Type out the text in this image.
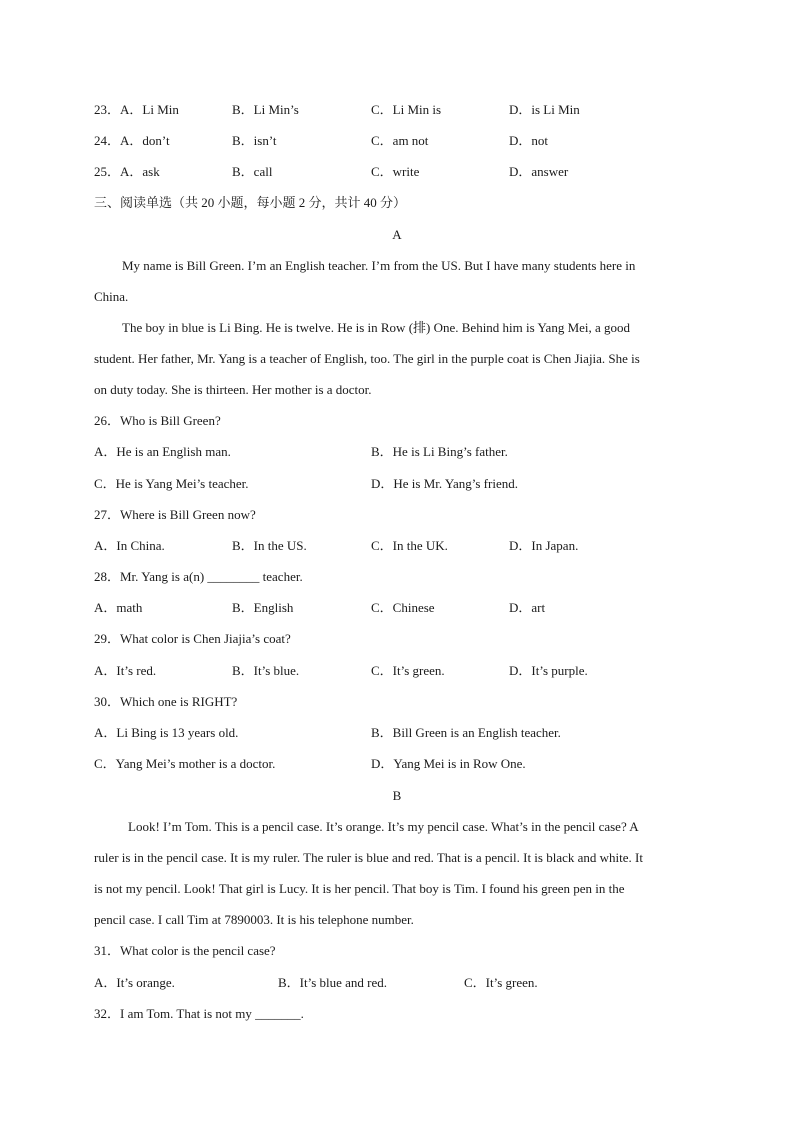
23．A．Li Min	B．Li Min’s	C．Li Min is	D．is Li Min
24．A．don’t	B．isn’t	C．am not	D．not
25．A．ask	B．call	C．write	D．answer
三、阅读单选（共 20 小题，每小题 2 分，共计 40 分）
A
My name is Bill Green. I’m an English teacher. I’m from the US. But I have many students here in
China.
The boy in blue is Li Bing. He is twelve. He is in Row (排) One. Behind him is Yang Mei, a good
student. Her father, Mr. Yang is a teacher of English, too. The girl in the purple coat is Chen Jiajia. She is
on duty today. She is thirteen. Her mother is a doctor.
26．Who is Bill Green?
A．He is an English man.	B．He is Li Bing’s father.
C．He is Yang Mei’s teacher.	D．He is Mr. Yang’s friend.
27．Where is Bill Green now?
A．In China.	B．In the US.	C．In the UK.	D．In Japan.
28．Mr. Yang is a(n) ________ teacher.
A．math	B．English	C．Chinese	D．art
29．What color is Chen Jiajia’s coat?
A．It’s red.	B．It’s blue.	C．It’s green.	D．It’s purple.
30．Which one is RIGHT?
A．Li Bing is 13 years old.	B．Bill Green is an English teacher.
C．Yang Mei’s mother is a doctor.	D．Yang Mei is in Row One.
B
Look! I’m Tom. This is a pencil case. It’s orange. It’s my pencil case. What’s in the pencil case? A
ruler is in the pencil case. It is my ruler. The ruler is blue and red. That is a pencil. It is black and white. It
is not my pencil. Look! That girl is Lucy. It is her pencil. That boy is Tim. I found his green pen in the
pencil case. I call Tim at 7890003. It is his telephone number.
31．What color is the pencil case?
A．It’s orange.	B．It’s blue and red.	C．It’s green.
32．I am Tom. That is not my _______.
